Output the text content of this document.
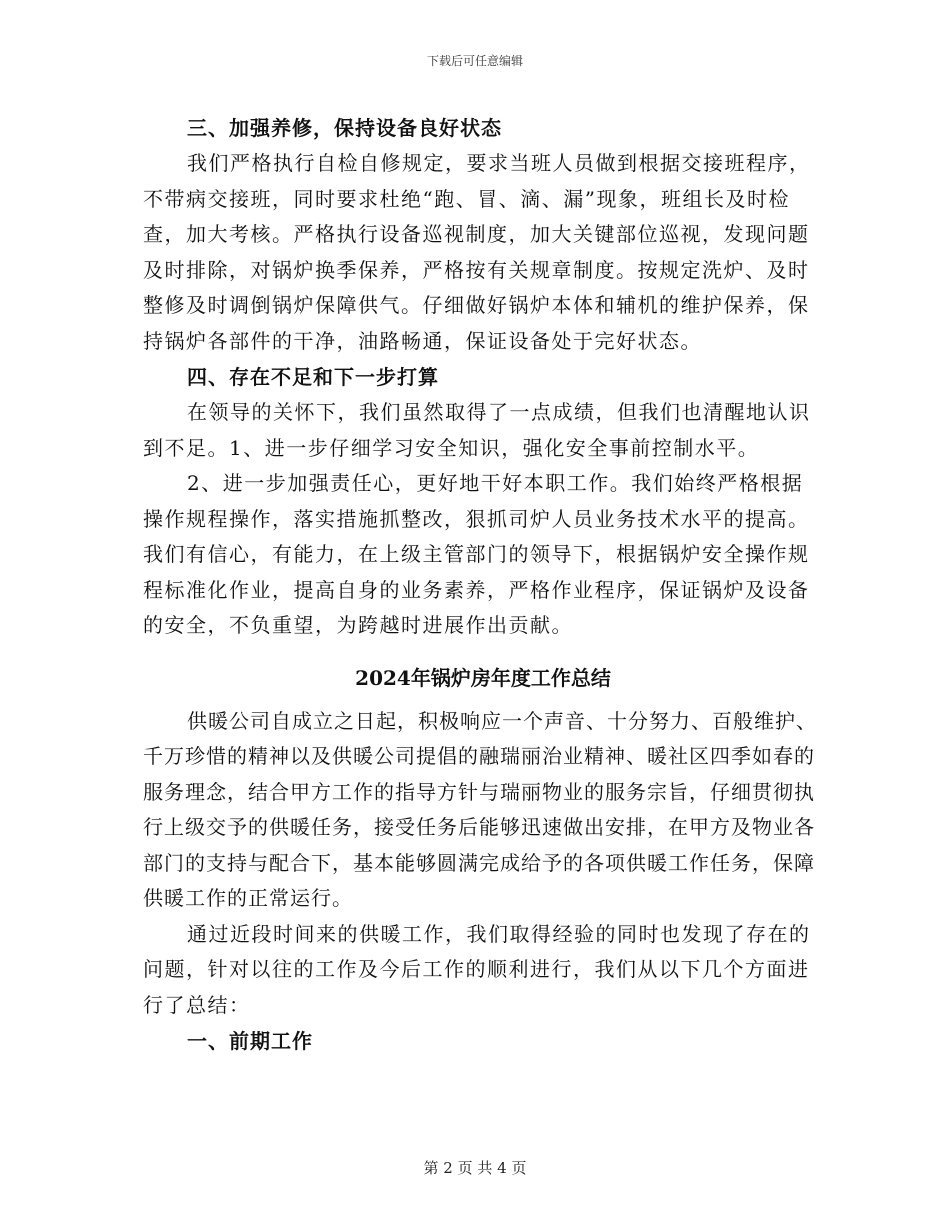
下载后可任意编辑
三、加强养修，保持设备良好状态

我们严格执行自检自修规定，要求当班人员做到根据交接班程序，不带病交接班，同时要求杜绝“跑、冒、滴、漏”现象，班组长及时检查，加大考核。严格执行设备巡视制度，加大关键部位巡视，发现问题及时排除，对锅炉换季保养，严格按有关规章制度。按规定洗炉、及时整修及时调倒锅炉保障供气。仔细做好锅炉本体和辅机的维护保养，保持锅炉各部件的干净，油路畅通，保证设备处于完好状态。

四、存在不足和下一步打算

在领导的关怀下，我们虽然取得了一点成绩，但我们也清醒地认识到不足。1、进一步仔细学习安全知识，强化安全事前控制水平。

2、进一步加强责任心，更好地干好本职工作。我们始终严格根据操作规程操作，落实措施抓整改，狠抓司炉人员业务技术水平的提高。我们有信心，有能力，在上级主管部门的领导下，根据锅炉安全操作规程标准化作业，提高自身的业务素养，严格作业程序，保证锅炉及设备的安全，不负重望，为跨越时进展作出贡献。

2024年锅炉房年度工作总结

供暖公司自成立之日起，积极响应一个声音、十分努力、百般维护、千万珍惜的精神以及供暖公司提倡的融瑞丽治业精神、暖社区四季如春的服务理念，结合甲方工作的指导方针与瑞丽物业的服务宗旨，仔细贯彻执行上级交予的供暖任务，接受任务后能够迅速做出安排，在甲方及物业各部门的支持与配合下，基本能够圆满完成给予的各项供暖工作任务，保障供暖工作的正常运行。

通过近段时间来的供暖工作，我们取得经验的同时也发现了存在的问题，针对以往的工作及今后工作的顺利进行，我们从以下几个方面进行了总结：

一、前期工作
第 2 页 共 4 页
